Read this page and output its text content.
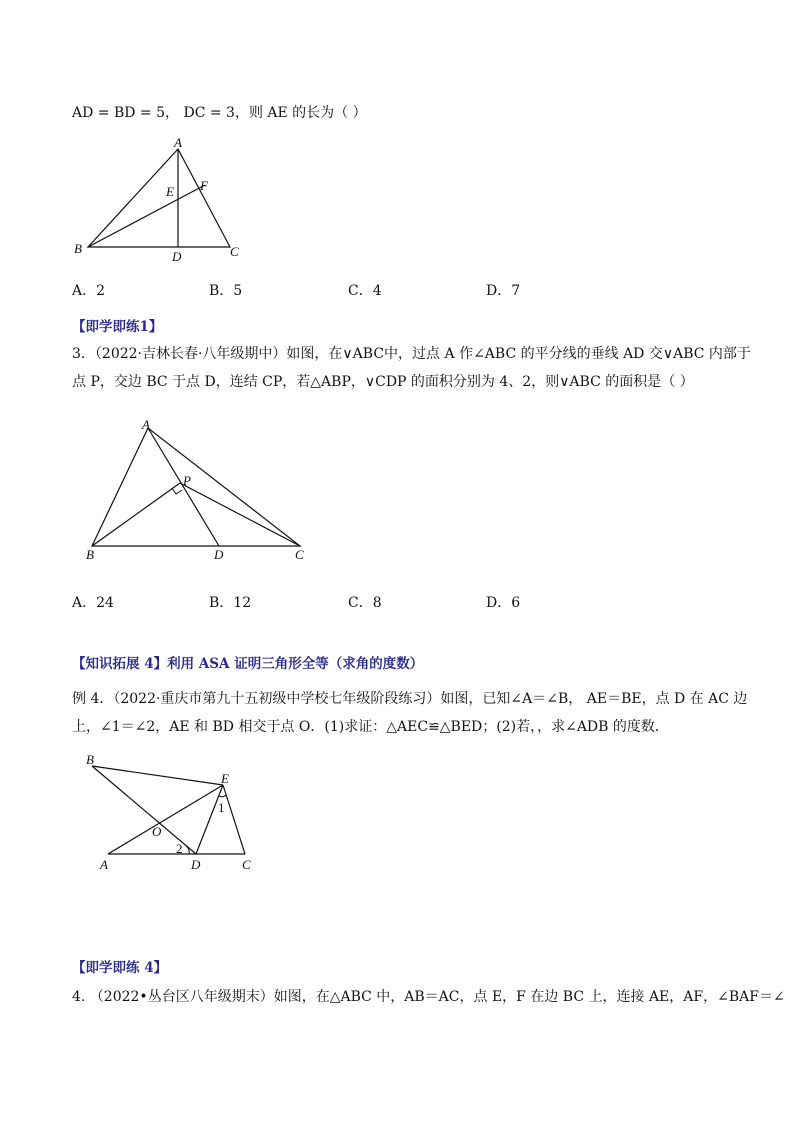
AD = BD = 5， DC = 3，则 AE 的长为（ ）
A
B	C
D
E F
A．2	B．5	C．4	D．7
【即学即练1】
3．（2022·吉林长春·八年级期中）如图，在∨ABC中，过点 A 作∠ABC 的平分线的垂线 AD 交∨ABC 内部于
点 P，交边 BC 于点 D，连结 CP，若△ABP，∨CDP 的面积分别为 4、2，则∨ABC 的面积是（ ）
A
B	C
D
P
A．24	B．12	C．8	D．6
【知识拓展 4】利用 ASA 证明三角形全等（求角的度数）
例 4．（2022·重庆市第九十五初级中学校七年级阶段练习）如图，已知∠A＝∠B， AE＝BE，点 D 在 AC 边
上，∠1＝∠2，AE 和 BD 相交于点 O．(1)求证：△AEC≌△BED；(2)若，，求∠ADB 的度数．
B
E
A	D	C
O
1
2
【即学即练 4】
4. （2022•丛台区八年级期末）如图，在△ABC 中，AB＝AC，点 E，F 在边 BC 上，连接 AE，AF，∠BAF＝∠
